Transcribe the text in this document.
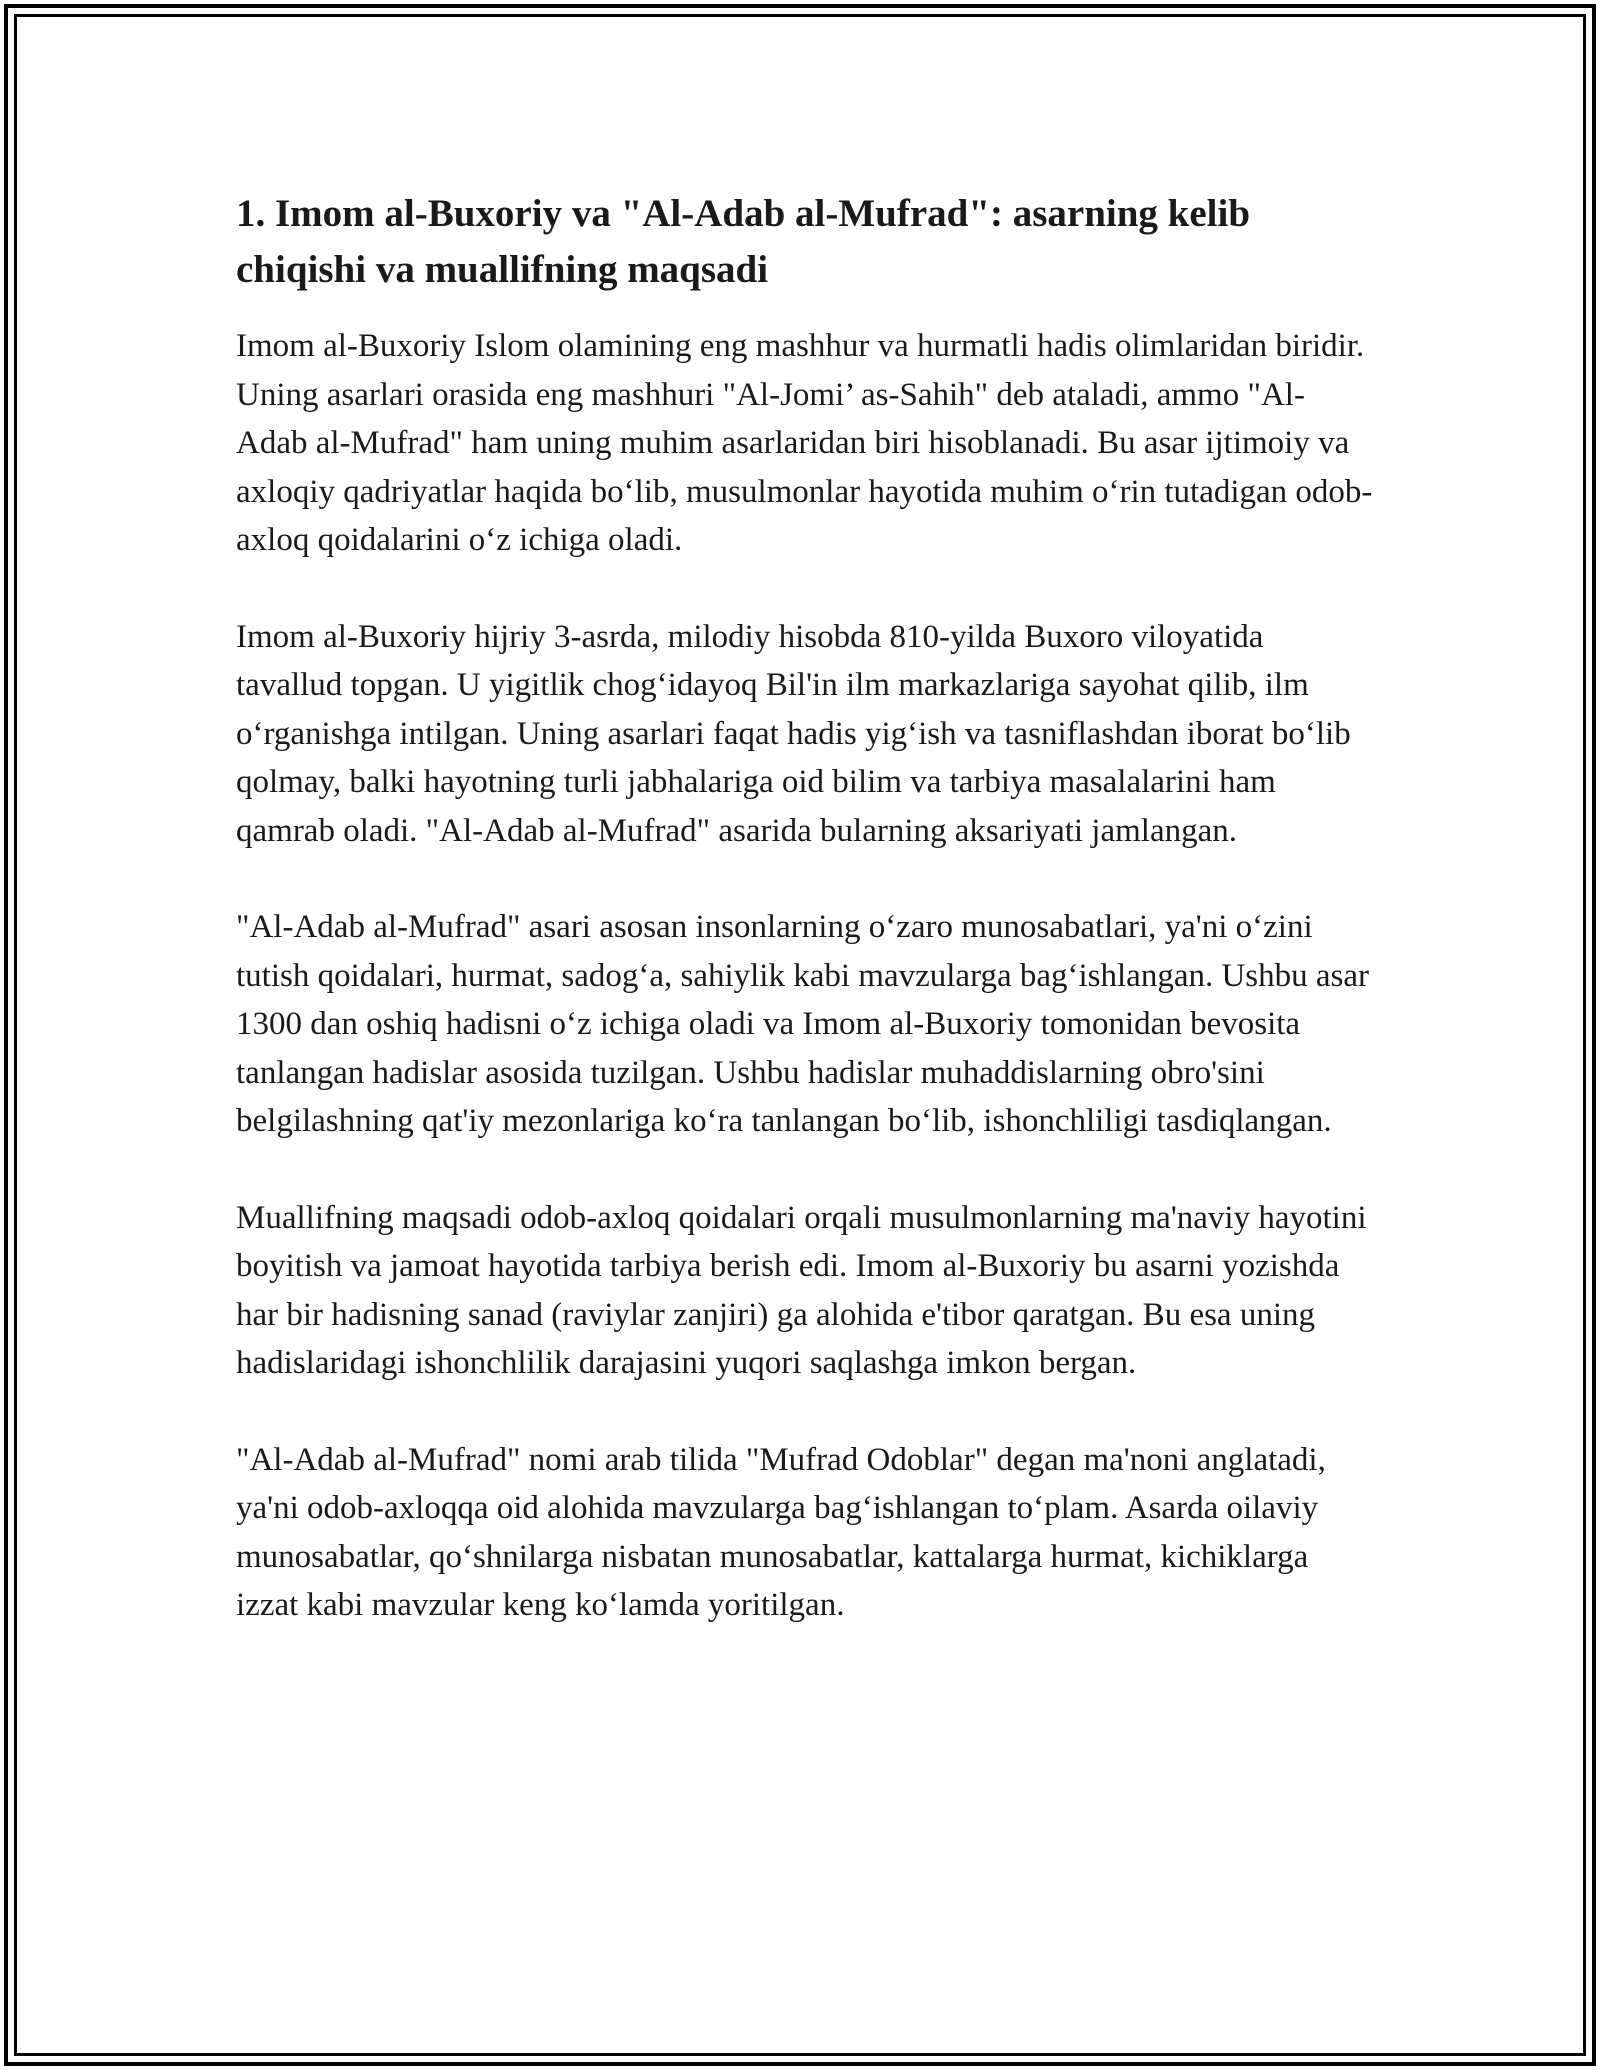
1. Imom al-Buxoriy va "Al-Adab al-Mufrad": asarning kelib chiqishi va muallifning maqsadi

Imom al-Buxoriy Islom olamining eng mashhur va hurmatli hadis olimlaridan biridir. Uning asarlari orasida eng mashhuri "Al-Jomi’ as-Sahih" deb ataladi, ammo "Al-Adab al-Mufrad" ham uning muhim asarlaridan biri hisoblanadi. Bu asar ijtimoiy va axloqiy qadriyatlar haqida boʻlib, musulmonlar hayotida muhim oʻrin tutadigan odob-axloq qoidalarini oʻz ichiga oladi.

Imom al-Buxoriy hijriy 3-asrda, milodiy hisobda 810-yilda Buxoro viloyatida tavallud topgan. U yigitlik chogʻidayoq Bil'in ilm markazlariga sayohat qilib, ilm oʻrganishga intilgan. Uning asarlari faqat hadis yigʻish va tasniflashdan iborat boʻlib qolmay, balki hayotning turli jabhalariga oid bilim va tarbiya masalalarini ham qamrab oladi. "Al-Adab al-Mufrad" asarida bularning aksariyati jamlangan.

"Al-Adab al-Mufrad" asari asosan insonlarning oʻzaro munosabatlari, ya'ni oʻzini tutish qoidalari, hurmat, sadogʻa, sahiylik kabi mavzularga bagʻishlangan. Ushbu asar 1300 dan oshiq hadisni oʻz ichiga oladi va Imom al-Buxoriy tomonidan bevosita tanlangan hadislar asosida tuzilgan. Ushbu hadislar muhaddislarning obro'sini belgilashning qat'iy mezonlariga koʻra tanlangan boʻlib, ishonchliligi tasdiqlangan.

Muallifning maqsadi odob-axloq qoidalari orqali musulmonlarning ma'naviy hayotini boyitish va jamoat hayotida tarbiya berish edi. Imom al-Buxoriy bu asarni yozishda har bir hadisning sanad (raviylar zanjiri) ga alohida e'tibor qaratgan. Bu esa uning hadislaridagi ishonchlilik darajasini yuqori saqlashga imkon bergan.

"Al-Adab al-Mufrad" nomi arab tilida "Mufrad Odoblar" degan ma'noni anglatadi, ya'ni odob-axloqqa oid alohida mavzularga bagʻishlangan toʻplam. Asarda oilaviy munosabatlar, qoʻshnilarga nisbatan munosabatlar, kattalarga hurmat, kichiklarga izzat kabi mavzular keng koʻlamda yoritilgan.
